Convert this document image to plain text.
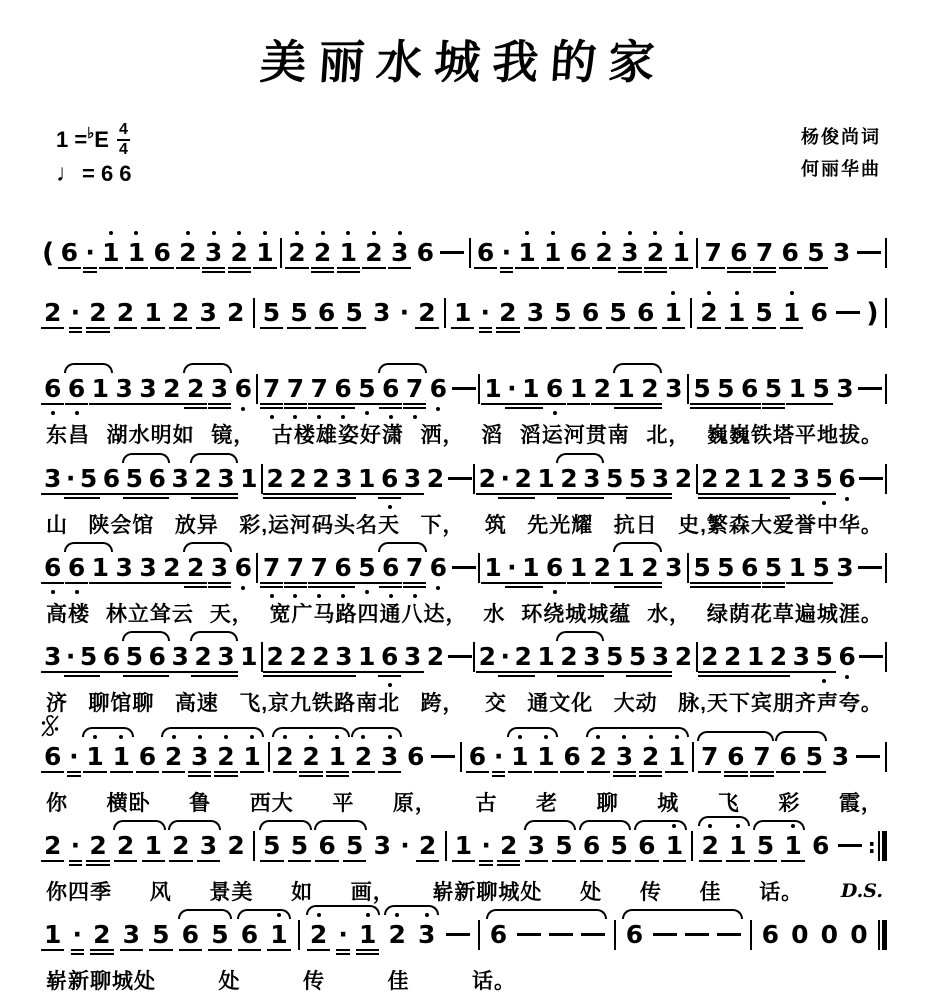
美丽水城我的家
1 = ♭ E $\frac{4}{4}$
♩= 6 6
杨俊尚词
何丽华曲
( 6 · 1 1 6 2 3 2 1 2 2 1 2 3 6 6 · 1 1 6 2 3 2 1 7 6 7 6 5 3
2 · 2 2 1 2 3 2 5 5 6 5 3 · 2 1 · 2 3 5 6 5 6 1 2 1 5 1 6 )
6 6 1 3 3 2 2 3 6 7 7 7 6 5 6 7 6 1 · 1 6 1 2 1 2 3 5 5 6 5 1 5 3
东昌 湖水明如 镜， 古楼雄姿好潇 洒， 滔 滔运河贯南 北， 巍巍铁塔平地拔。
3 · 5 6 5 6 3 2 3 1 2 2 2 3 1 6 3 2 2 · 2 1 2 3 5 5 3 2 2 2 1 2 3 5 6
山 陕会馆 放异 彩,运河码头名天 下， 筑 先光耀 抗日 史,繁森大爱誉中华。
6 6 1 3 3 2 2 3 6 7 7 7 6 5 6 7 6 1 · 1 6 1 2 1 2 3 5 5 6 5 1 5 3
高楼 林立耸云 天， 宽广马路四通八达， 水 环绕城城蕴 水， 绿荫花草遍城涯。
3 · 5 6 5 6 3 2 3 1 2 2 2 3 1 6 3 2 2 · 2 1 2 3 5 5 3 2 2 2 1 2 3 5 6
济 聊馆聊 高速 飞,京九铁路南北 跨， 交 通文化 大动 脉,天下宾朋齐声夸。
6 · 1 1 6 2 3 2 1 2 2 1 2 3 6 6 · 1 1 6 2 3 2 1 7 6 7 6 5 3
你 横卧 鲁 西大 平 原， 古 老 聊 城 飞 彩 霞，
2 · 2 2 1 2 3 2 5 5 6 5 3 · 2 1 · 2 3 5 6 5 6 1 2 1 5 1 6 :
你四季 风 景美 如 画， 崭新聊城处 处 传 佳 话。 D.S.
1 · 2 3 5 6 5 6 1 2 · 1 2 3 6	6	6 0 0 0
崭新聊城处	处	传	佳	话。
